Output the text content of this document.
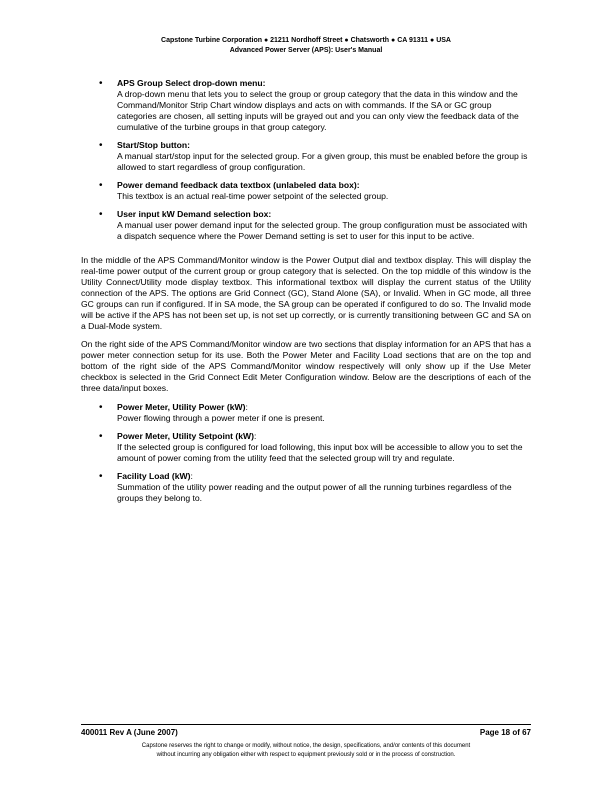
Capstone Turbine Corporation ● 21211 Nordhoff Street ● Chatsworth ● CA 91311 ● USA
Advanced Power Server (APS): User's Manual
• APS Group Select drop-down menu:
A drop-down menu that lets you to select the group or group category that the data in this window and the Command/Monitor Strip Chart window displays and acts on with commands. If the SA or GC group categories are chosen, all setting inputs will be grayed out and you can only view the feedback data of the cumulative of the turbine groups in that group category.
• Start/Stop button:
A manual start/stop input for the selected group. For a given group, this must be enabled before the group is allowed to start regardless of group configuration.
• Power demand feedback data textbox (unlabeled data box):
This textbox is an actual real-time power setpoint of the selected group.
• User input kW Demand selection box:
A manual user power demand input for the selected group. The group configuration must be associated with a dispatch sequence where the Power Demand setting is set to user for this input to be active.

In the middle of the APS Command/Monitor window is the Power Output dial and textbox display. This will display the real-time power output of the current group or group category that is selected. On the top middle of this window is the Utility Connect/Utility mode display textbox. This informational textbox will display the current status of the Utility connection of the APS. The options are Grid Connect (GC), Stand Alone (SA), or Invalid. When in GC mode, all three GC groups can run if configured. If in SA mode, the SA group can be operated if configured to do so. The Invalid mode will be active if the APS has not been set up, is not set up correctly, or is currently transitioning between GC and SA on a Dual-Mode system.

On the right side of the APS Command/Monitor window are two sections that display information for an APS that has a power meter connection setup for its use. Both the Power Meter and Facility Load sections that are on the top and bottom of the right side of the APS Command/Monitor window respectively will only show up if the Use Meter checkbox is selected in the Grid Connect Edit Meter Configuration window. Below are the descriptions of each of the three data/input boxes.

• Power Meter, Utility Power (kW):
Power flowing through a power meter if one is present.
• Power Meter, Utility Setpoint (kW):
If the selected group is configured for load following, this input box will be accessible to allow you to set the amount of power coming from the utility feed that the selected group will try and regulate.
• Facility Load (kW):
Summation of the utility power reading and the output power of all the running turbines regardless of the groups they belong to.
400011 Rev A (June 2007)	Page 18 of 67
Capstone reserves the right to change or modify, without notice, the design, specifications, and/or contents of this document
without incurring any obligation either with respect to equipment previously sold or in the process of construction.
